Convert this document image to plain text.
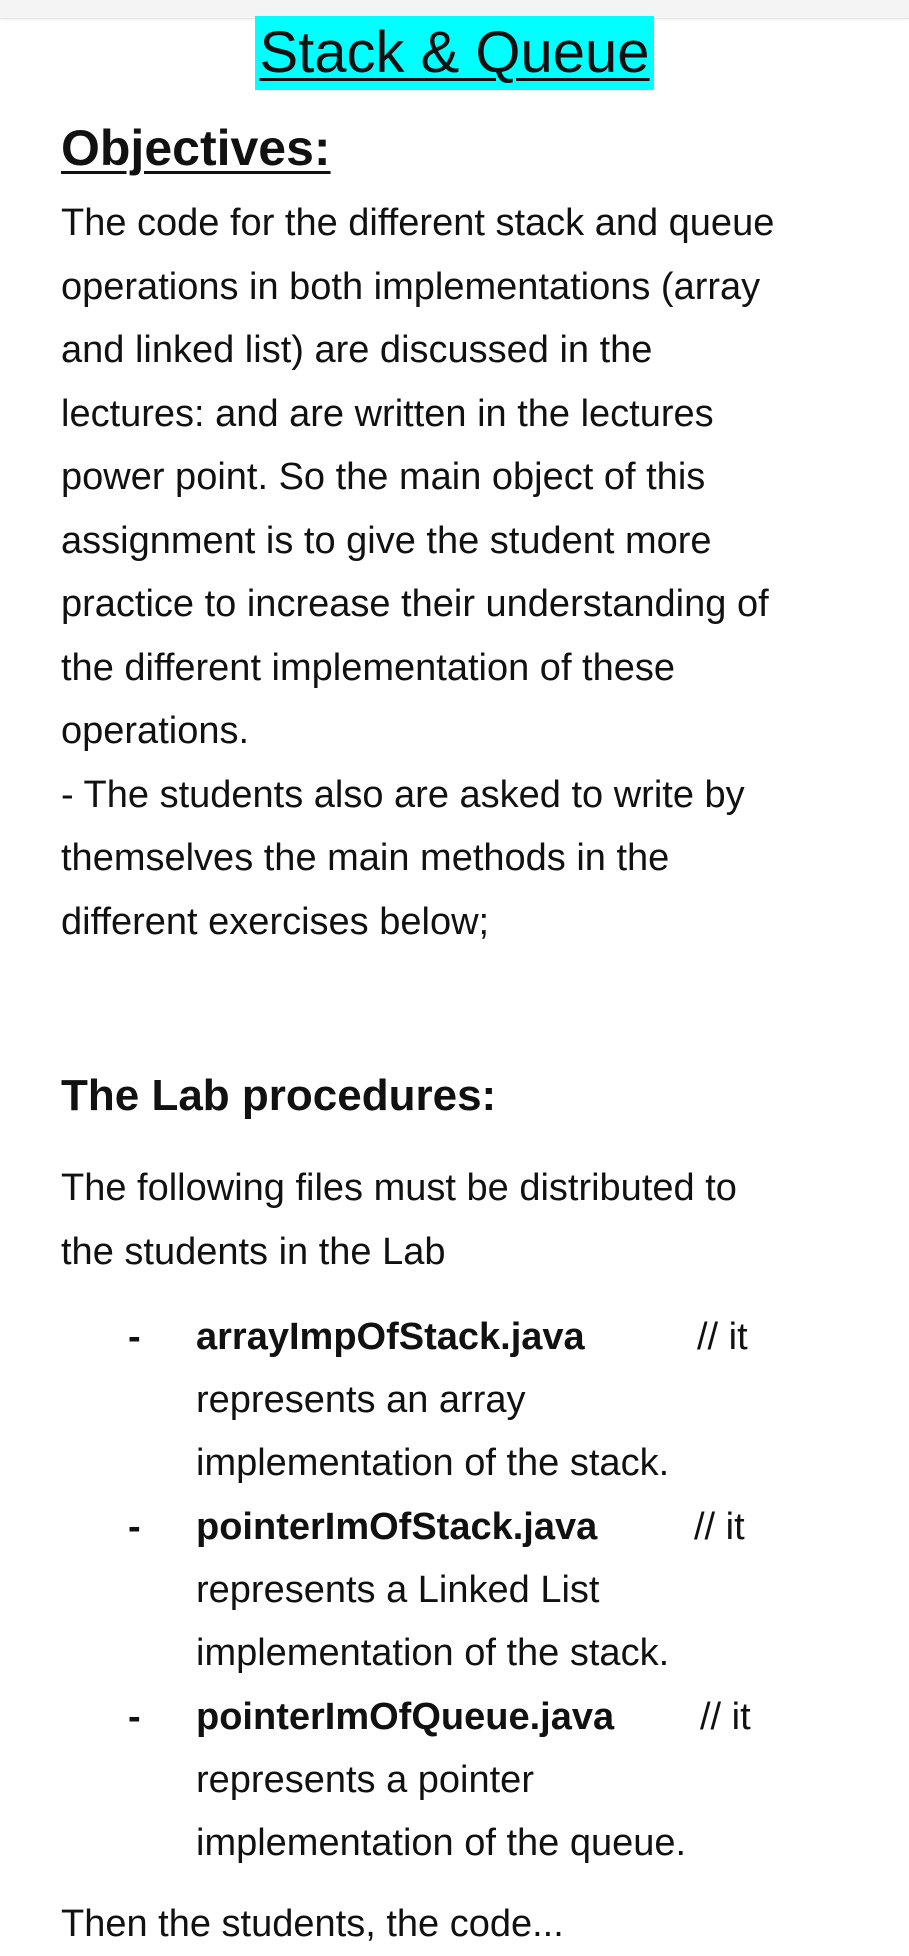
Stack & Queue
Objectives:
The code for the different stack and queue
operations in both implementations (array
and linked list) are discussed in the
lectures: and are written in the lectures
power point. So the main object of this
assignment is to give the student more
practice to increase their understanding of
the different implementation of these
operations.
- The students also are asked to write by
themselves the main methods in the
different exercises below;
The Lab procedures:
The following files must be distributed to
the students in the Lab
- arrayImpOfStack.java	// it
represents an array
implementation of the stack.
- pointerImOfStack.java	// it
represents a Linked List
implementation of the stack.
- pointerImOfQueue.java // it
represents a pointer
implementation of the queue.
Then the students, the code...
